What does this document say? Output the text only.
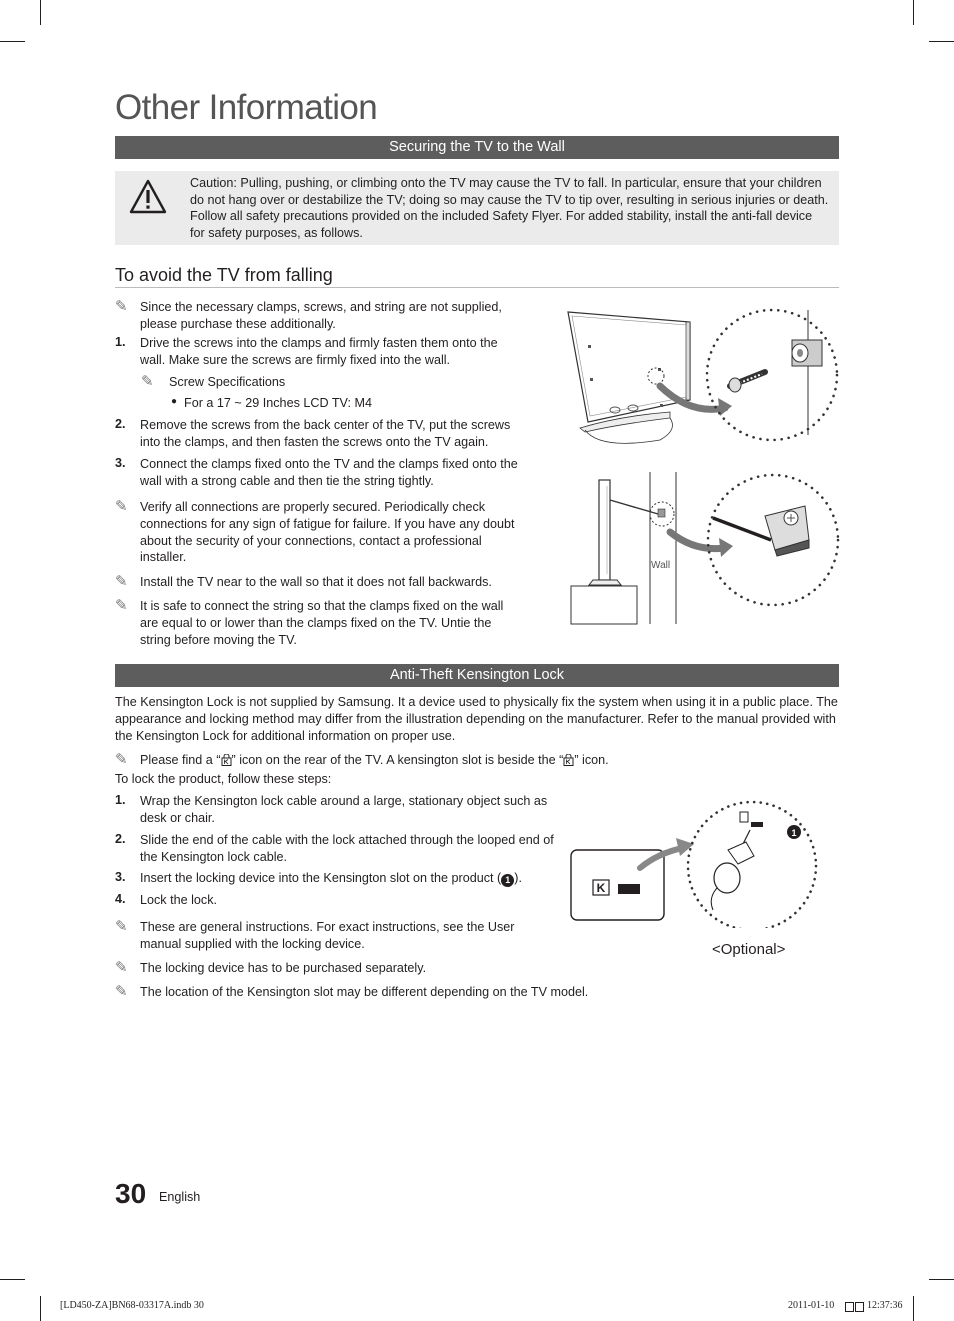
Other Information
Securing the TV to the Wall
Caution: Pulling, pushing, or climbing onto the TV may cause the TV to fall. In particular, ensure that your children do not hang over or destabilize the TV; doing so may cause the TV to tip over, resulting in serious injuries or death. Follow all safety precautions provided on the included Safety Flyer. For added stability, install the anti-fall device for safety purposes, as follows.
To avoid the TV from falling
✎ Since the necessary clamps, screws, and string are not supplied, please purchase these additionally.
1. Drive the screws into the clamps and firmly fasten them onto the wall. Make sure the screws are firmly fixed into the wall.
✎ Screw Specifications
● For a 17 ~ 29 Inches LCD TV: M4
2. Remove the screws from the back center of the TV, put the screws into the clamps, and then fasten the screws onto the TV again.
3. Connect the clamps fixed onto the TV and the clamps fixed onto the wall with a strong cable and then tie the string tightly.
✎ Verify all connections are properly secured. Periodically check connections for any sign of fatigue for failure. If you have any doubt about the security of your connections, contact a professional installer.
✎ Install the TV near to the wall so that it does not fall backwards.
✎ It is safe to connect the string so that the clamps fixed on the wall are equal to or lower than the clamps fixed on the TV. Untie the string before moving the TV.
Wall
Anti-Theft Kensington Lock
The Kensington Lock is not supplied by Samsung. It a device used to physically fix the system when using it in a public place. The appearance and locking method may differ from the illustration depending on the manufacturer. Refer to the manual provided with the Kensington Lock for additional information on proper use.
✎ Please find a “ ” icon on the rear of the TV. A kensington slot is beside the “ ” icon.
To lock the product, follow these steps:
1. Wrap the Kensington lock cable around a large, stationary object such as desk or chair.
2. Slide the end of the cable with the lock attached through the looped end of the Kensington lock cable.
3. Insert the locking device into the Kensington slot on the product ( 1 ).
4. Lock the lock.
✎ These are general instructions. For exact instructions, see the User manual supplied with the locking device.
✎ The locking device has to be purchased separately.
✎ The location of the Kensington slot may be different depending on the TV model.
K
1
<Optional>
30 English
[LD450-ZA]BN68-03317A.indb 30	2011-01-10	12:37:36
